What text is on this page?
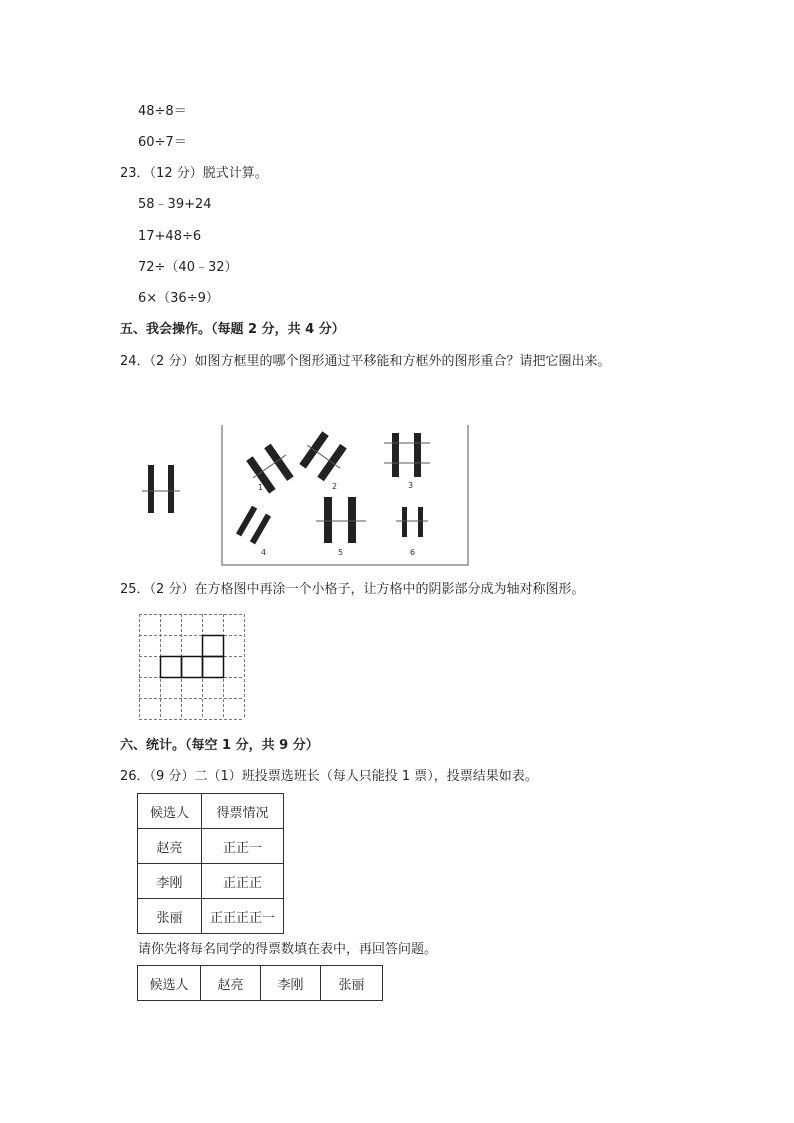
48÷8＝
60÷7＝
23．（12 分）脱式计算。
58﹣39+24
17+48÷6
72÷（40﹣32）
6×（36÷9）
五、我会操作。（每题 2 分，共 4 分）
24．（2 分）如图方框里的哪个图形通过平移能和方框外的图形重合？请把它圈出来。
1	2	3
4	5	6
25．（2 分）在方格图中再涂一个小格子，让方格中的阴影部分成为轴对称图形。
六、统计。（每空 1 分，共 9 分）
26．（9 分）二（1）班投票选班长（每人只能投 1 票），投票结果如表。
候选人	得票情况
赵亮	正正一
李刚	正正正
张丽	正正正正一
请你先将每名同学的得票数填在表中，再回答问题。
候选人	赵亮	李刚	张丽
